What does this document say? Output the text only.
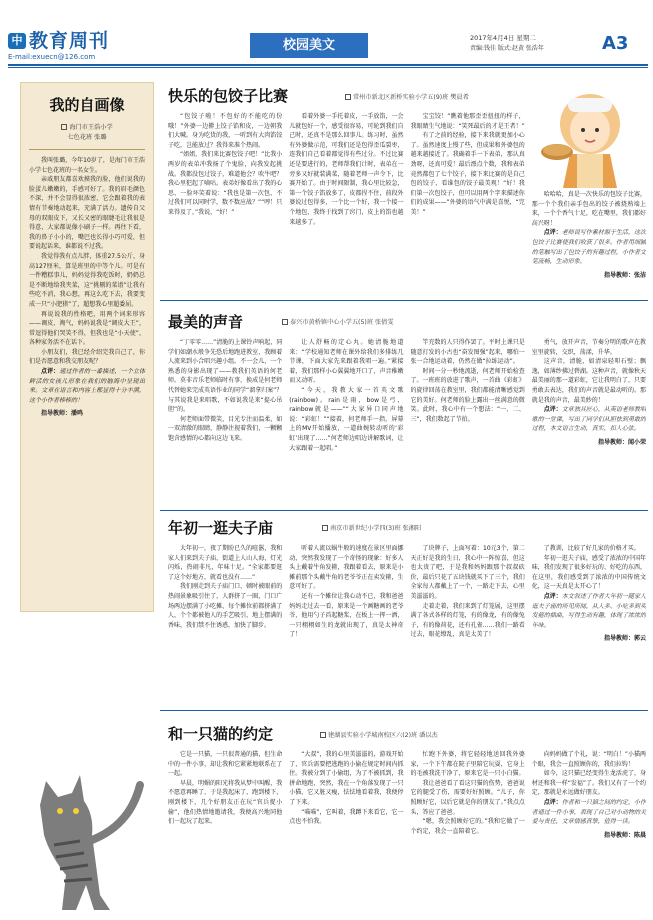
中 教育周刊
E-mail:exuecn@126.com
校园美文	2017年4月4日 星期二
责编:钱佳 版式:赵黄 张浩年	A3
我的自画像
海门市王浩小学
七色花班 张璐

我叫张璐，今年10岁了，是海门市王浩小学七色花班的一名女生。

亲戚朋友都喜欢摸我的脸，他们说我的脸蛋儿嫩嫩的，手感可好了。我的眉毛颜色不深，并不会显得很浓密，它会跟着我的表情有节奏地动起来，充满了活力。遗传自父母的双眼皮下，又长又密的眼睫毛让我很是得意，大家都说像小刷子一样。再往下看，我的鼻子小小的，嘴巴也长得小巧可爱，但要说起话来，谁都说不过我。

我觉得我有点儿胖，体重27.5公斤，身高127厘米，算是班里的中等个儿。可是有一件糟糕事儿，妈妈觉得我吃饭时，奶奶总是不断地给我夹菜，这“挑剔的菜谱”让我有些吃不消，我心想，再这么吃下去，我要变成一只“小肥猪”了，超想我心里超委屈。

再说说我的性格吧，用两个词来形容——调皮、淘气，妈妈说我是“调皮大王”，常逗得他们哭笑不得，但我也是“小天使”，各种家务活不在话下。

小朋友们，我已经介绍完我自己了，你们是否愿意和我交朋友呢？

点评：通过作者的一番描述，一个立体鲜活的女孩儿形象在我们的脑海中呈现出来。文章在语言和内容上都显得十分丰满，这个小作者棒棒的！

指导教师：潘鸣

快乐的包饺子比赛	常州市新北区新桥实验小学五(9)班 樊晨希

“包饺子啦！不包好的不能吃的份哦！”外婆一边擀上饺子馅和皮，一边朝我们大喊。身为吃货的我，一听到有大肉馅饺子吃，岂能放过？我得来准个热闹。

“姐姐，我们来比赛包饺子吧！”比我小两岁的表弟冲我扬了个鬼脸，向我发起挑战。我都没包过饺子，难道他会？吹牛吧？我心里犯起了嘀咕。表弟好像看出了我的心思，一脸坏笑着说：“我也是第一次包，不过我们可以同时学，数不数应战？”“哼！只来得及了，”我说，“好！”

看着外婆一手托着皮，一手放馅，一会儿就包好一个，感受很容易，可轮到我们自己时，还真不是那么回事儿。练习时，虽然有外婆做示范，可我们还是包得歪瓜裂枣，连我们自己看着都觉得有些过分。不过比赛还是要进行的，老师帮我们计时，表弟在一旁多又好就装满菜，随着老师一声令下，比赛开始了。由于时间限制，我心里比较急，第一个饺子馅放多了，皮都捏不住，前段外婆说过包得多，一个比一个好，我一个接一个地包，我终于找到了窍门，皮上的馅也越来越多了。

宝宝饺！”瞧着他那歪歪扭扭的样子，我眼睛生气地说：“笑死最后的才是王者！”

有了之前的经验，接下来我就更加小心了。虽然速度上慢了些，但成果和外婆包的越来越接近了。我确着手一下表弟，那认真劲呀，还真可爱！最后漂点个数，我和表弟竟然都包了七个饺子，接下来比赛的是自己包的饺子，看谁包的饺子最美观！“好！我们第一次包饺子，但可以用两个字来描述你们的成果——”外婆的语气中满是喜悦，“完美！”

哈哈哈，真是一次快乐的包饺子比赛，那一个个我们亲手包出的饺子被烧熟端上来，一个个香气十足，吃在嘴里，我们都好高兴呀！

点评：老师说写作素材源于生活，这次包饺子比赛使我们收获了很多。作者用细腻的笔触写出了包饺子的有趣过程，小作者文笔流畅，生动形象。

指导教师：张洁

最美的声音	泰兴市黄桥镇中心小学五(5)班 张倩雯

“丁零零……”清脆的上课铃声响起，同学们如潮水般争先恐后地跑进教室，我顾着人流来到小合唱兴趣小组。不一会儿，一个熟悉的身影出现了——教我们英语的何老师。莫非音乐老师临时有事，换成是何老师代替她来完成英语作业的同学“溜拿归案”？与其说我是来唱歌，不如说我是来“提心吊胆”的。

何老师面带微笑，目光专注而温柔，如一双清澈的眼睛，静静注视着我们，一颗颗饱含感情的心都向这边飞来。

让人舒畅的定心丸。她清脆地道来：“学校通知老师在课外给我们多排练几节课，下面大家先来跟着我唱一遍。”紧接着，我们那样小心翼翼地开口了，声音稚嫩而又动听。

“今天，我教大家一首英文歌(rainbow)。rain是雨，bow是弓，rainbow就是——”“大家异口同声地说：“彩虹！”“接着，何老师手一指，屏幕上的MV开始播放，一道曲婉转动听的‘彩虹’出现了……”何老师边唱边讲解歌词，让大家跟着一起唱。”

竿充数的人只得作罢了。平时上课只是随意打发的小古也“奋发图强”起来，哪怕一张一合地运动着，仍然在做“拉练运动”。

时间一分一秒地流逝，何老师开始检查了。一班班的放进了歌声，一首曲《彩虹》的旋律回荡在教室里，我们都能清晰感觉到它的美好。何老师的脸上露出一丝满意的微笑。此时，我心中有一个想法：“一、二、三”，我们数起了节拍。

勇气，放开声音，节奏分明的歌声在教室里旋转，交织，荡漾，升华。

这声音，清脆，如清泉轻叩石壁；飘逸，如薄纱拂过碧湖。这种声音，就像秋天最美丽的那一道彩虹，它让我明白了，只要勇敢去表达，我们的声音就是最动听的。那就是我的声音，最美妙的！

点评：文章独具匠心，从英语老师教唱歌的一堂课，写出了同学们从胆怯到勇敢的过程，本文语言生动，真实，扣人心弦。

指导教师：闻小荣

年初一逛夫子庙	南京市新世纪小学四(3)班 张湘阳

大年初一，夜了期盼已久的喧嚣，我和家人们来到夫子庙，街道上人山人海，灯光闪烁，热闹非凡，年味十足。“全家都要逛了这个好地方，就看也没有……”

我们刚走到夫子庙门口，顿时被眼前的热闹景象吸引住了，人群挤了一圈，门口广场两边摆满了小吃摊，每个摊位前都挤满了人，个个都被他人的手艺吸引，地上摆满的香味，我们禁不住诱惑，加快了脚步。

听着人流以蜗牛般的速度在景区里面挪动，突然我发现了一个奇怪的现象：好多人头上戴着牛角发箍，我跟着看去，原来是小摊前那个头戴牛角的老爷爷正在卖发箍，生意可好了。

还有一个摊位让我心动不已，我和爸爸妈妈走过去一看，原来是一个画糖画的老爷爷，他用勺子舀起糖浆，在板上一挥一洒，一只栩栩如生的龙就出现了，真是太神奇了！

了块牌子，上面写着：10元3个，第二天正好是我的生日，我心中一阵惊喜，但这也太贵了吧，于是我和妈妈跟那个叔叔砍价，最后只花了五块钱就买下了三个，我们全家每人都戴上了一个，一路走下去，心里美滋滋的。

走着走着，我们来到了灯笼展，这里摆满了各式各样的灯笼，有的像龙，有的像兔子，有的像荷花，还有孔雀……我们一路看过去，眼花缭乱，真是太美了！

了教训，比较了好几家的价格才买。

年初一逛夫子庙，感受了浓浓的中国年味，我们发现了很多好玩的、好吃的东西，在这里，我们感受到了浓浓的中国传统文化，这一天真是太开心了！

点评：本文叙述了作者大年初一随家人逛夫子庙的所见所闻，从人多、小吃多到买发箍的插曲，写得生动有趣，体现了浓浓的年味。

指导教师：郭云

和一只猫的约定	建湖县实验小学城南校区六(2)班 潘以杰

它是一只猫，一只很普通的猫，但生命中的一件小事，却让我和它紧紧地联系在了一起。

早晨，明媚的阳光将我从梦中叫醒，我不愿意再睡了，于是我起床了，跑到楼下，刚到楼下，几个好朋友正在玩“官兵捉小偷”，他们热情地邀请我，我便高兴地同他们一起玩了起来。

“大叔”，我的心里美滋滋的，游戏开始了，官兵需要把逃跑的小偷在规定时间内抓住。我被分到了小偷组，为了不被抓到，我拼命地跑，突然，我在一个角落发现了一只小猫，它又脏又瘦，怯怯地看着我，我便停了下来。

“喵喵”，它叫着，我蹲下来看它，它一点也不怕我。

忙跑下外婆，将它轻轻地送回我外婆家，一个下午都在院子里陪它玩耍，它身上的毛被我洗干净了，原来它是一只小白猫。

我让爸爸看了看这只猫的伤势，爸爸说它的腿受了伤，需要好好照顾。“儿子，你照顾好它，以后它就是你的朋友了。”我点点头，答应了爸爸。

“嗯，我会照顾好它的。”我和它做了一个约定，我会一直陪着它。

向妈妈做了个礼，说：“明白！”小猫两个眼，我会一直照顾你的，我们拉钩！

如今，这只猫已经变得生龙活虎了，身材还和我一样“发福”了。我们又有了一个约定，那就是永远做好朋友。

点评：作者和一只猫之间的约定，小作者通过一件小事，表现了自己对小动物的关爱与责任，文章情感真挚，值得一读。

指导教师：陈晨
